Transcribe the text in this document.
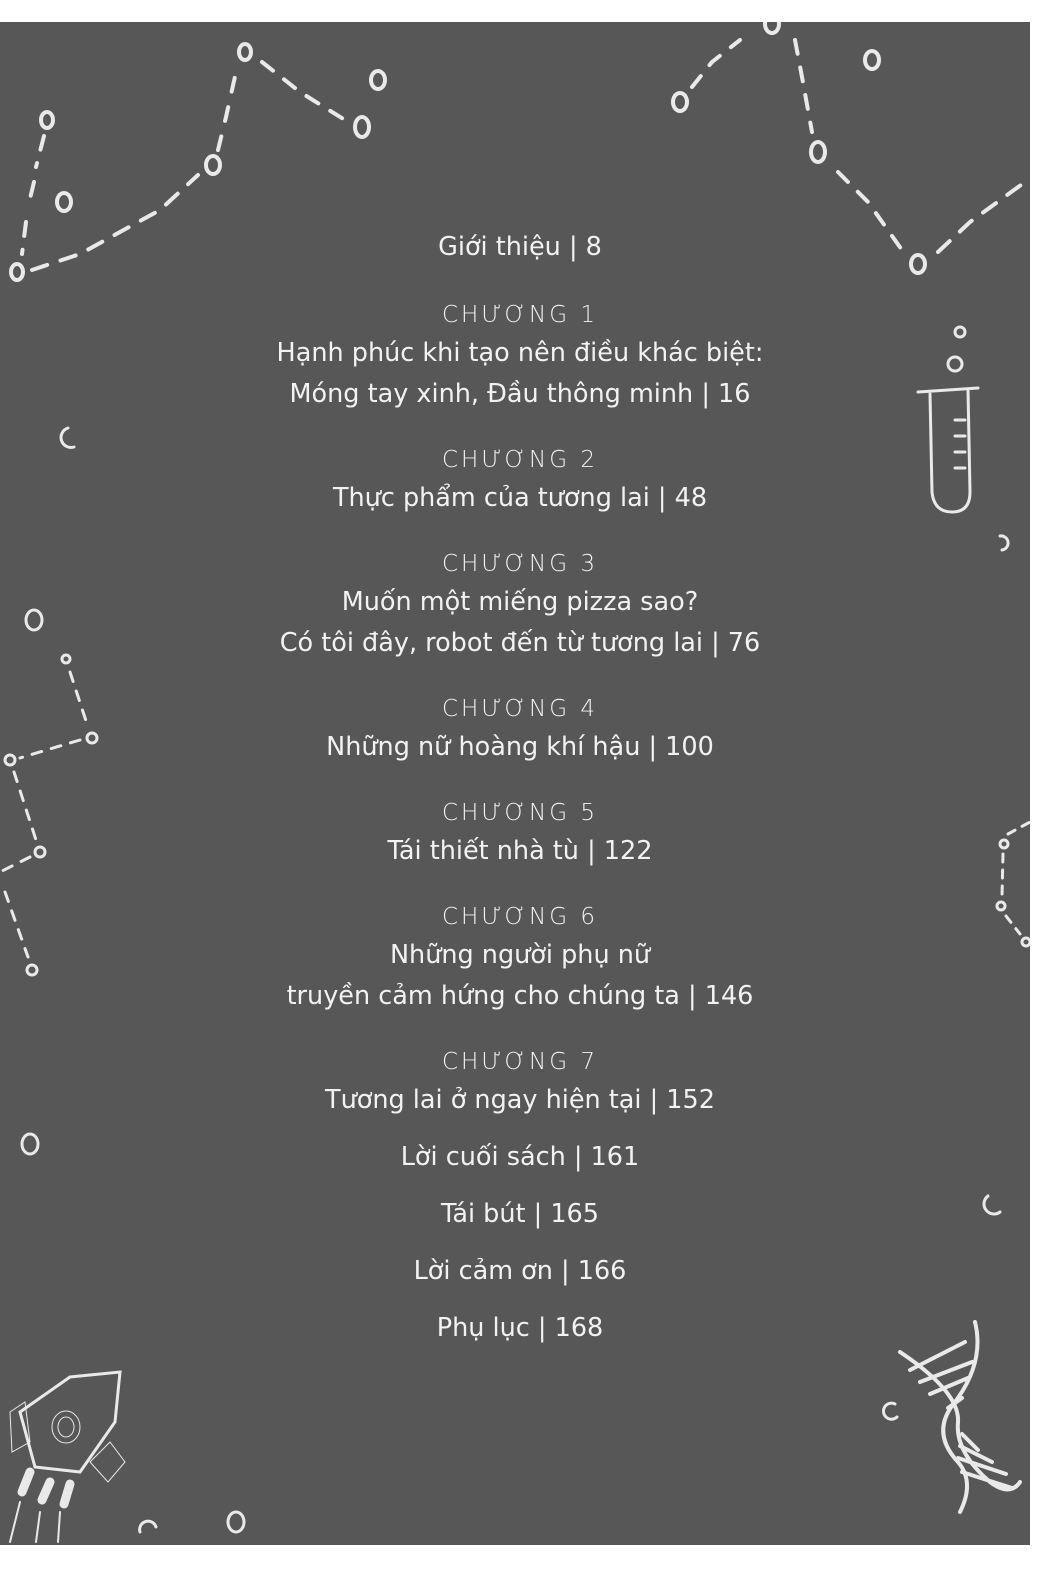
Giới thiệu | 8
CHƯƠNG 1
Hạnh phúc khi tạo nên điều khác biệt:
Móng tay xinh, Đầu thông minh | 16
CHƯƠNG 2
Thực phẩm của tương lai | 48
CHƯƠNG 3
Muốn một miếng pizza sao?
Có tôi đây, robot đến từ tương lai | 76
CHƯƠNG 4
Những nữ hoàng khí hậu | 100
CHƯƠNG 5
Tái thiết nhà tù | 122
CHƯƠNG 6
Những người phụ nữ
truyền cảm hứng cho chúng ta | 146
CHƯƠNG 7
Tương lai ở ngay hiện tại | 152
Lời cuối sách | 161
Tái bút | 165
Lời cảm ơn | 166
Phụ lục | 168
